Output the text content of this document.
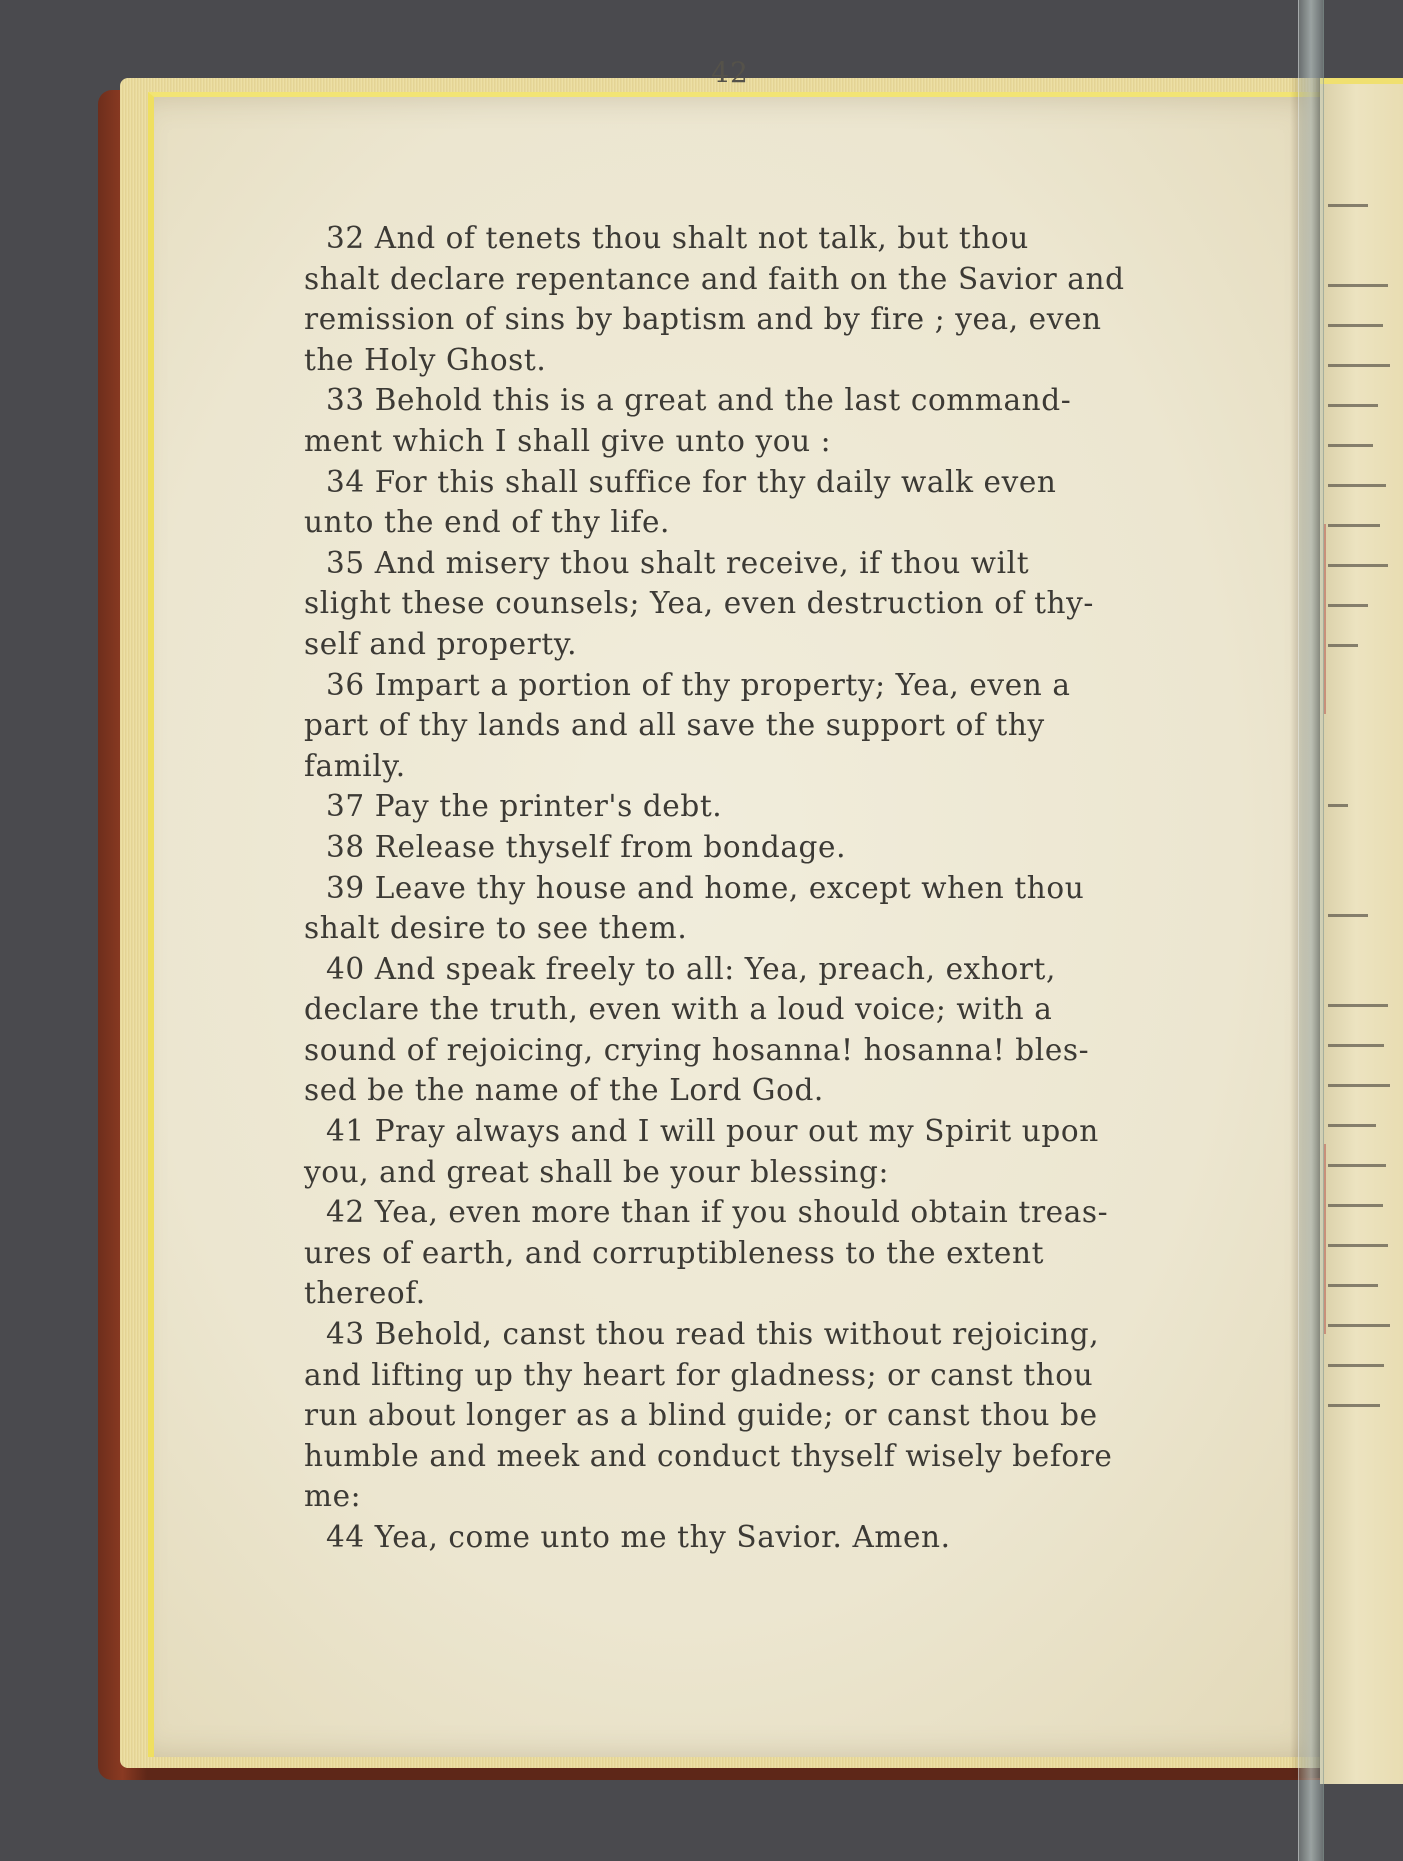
42
32 And of tenets thou shalt not talk, but thou
shalt declare repentance and faith on the Savior and
remission of sins by baptism and by fire ; yea, even
the Holy Ghost.
33 Behold this is a great and the last command-
ment which I shall give unto you :
34 For this shall suffice for thy daily walk even
unto the end of thy life.
35 And misery thou shalt receive, if thou wilt
slight these counsels; Yea, even destruction of thy-
self and property.
36 Impart a portion of thy property; Yea, even a
part of thy lands and all save the support of thy
family.
37 Pay the printer's debt.
38 Release thyself from bondage.
39 Leave thy house and home, except when thou
shalt desire to see them.
40 And speak freely to all: Yea, preach, exhort,
declare the truth, even with a loud voice; with a
sound of rejoicing, crying hosanna! hosanna! bles-
sed be the name of the Lord God.
41 Pray always and I will pour out my Spirit upon
you, and great shall be your blessing:
42 Yea, even more than if you should obtain treas-
ures of earth, and corruptibleness to the extent
thereof.
43 Behold, canst thou read this without rejoicing,
and lifting up thy heart for gladness; or canst thou
run about longer as a blind guide; or canst thou be
humble and meek and conduct thyself wisely before
me:
44 Yea, come unto me thy Savior. Amen.
